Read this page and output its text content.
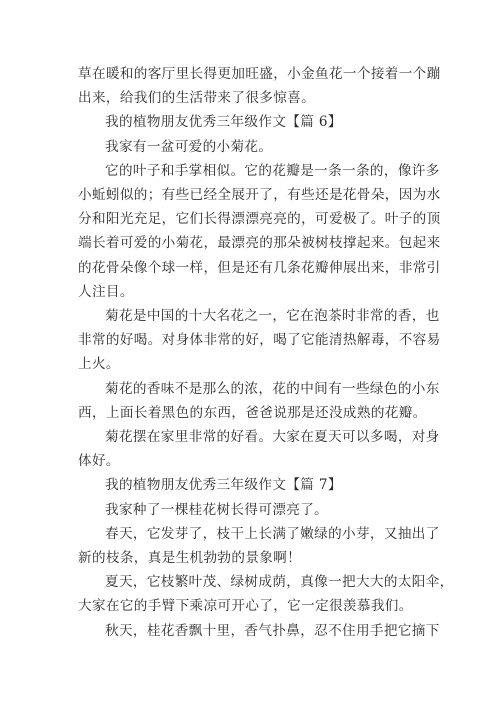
草在暖和的客厅里长得更加旺盛，小金鱼花一个接着一个蹦

出来，给我们的生活带来了很多惊喜。

我的植物朋友优秀三年级作文【篇 6】

我家有一盆可爱的小菊花。

它的叶子和手掌相似。它的花瓣是一条一条的，像许多

小蚯蚓似的；有些已经全展开了，有些还是花骨朵，因为水

分和阳光充足，它们长得漂漂亮亮的，可爱极了。叶子的顶

端长着可爱的小菊花，最漂亮的那朵被树枝撑起来。包起来

的花骨朵像个球一样，但是还有几条花瓣伸展出来，非常引

人注目。

菊花是中国的十大名花之一，它在泡茶时非常的香，也

非常的好喝。对身体非常的好，喝了它能清热解毒，不容易

上火。

菊花的香味不是那么的浓，花的中间有一些绿色的小东

西，上面长着黑色的东西，爸爸说那是还没成熟的花瓣。

菊花摆在家里非常的好看。大家在夏天可以多喝，对身

体好。

我的植物朋友优秀三年级作文【篇 7】

我家种了一棵桂花树长得可漂亮了。

春天，它发芽了，枝干上长满了嫩绿的小芽，又抽出了

新的枝条，真是生机勃勃的景象啊！

夏天，它枝繁叶茂、绿树成荫，真像一把大大的太阳伞，

大家在它的手臂下乘凉可开心了，它一定很羡慕我们。

秋天，桂花香飘十里，香气扑鼻，忍不住用手把它摘下
